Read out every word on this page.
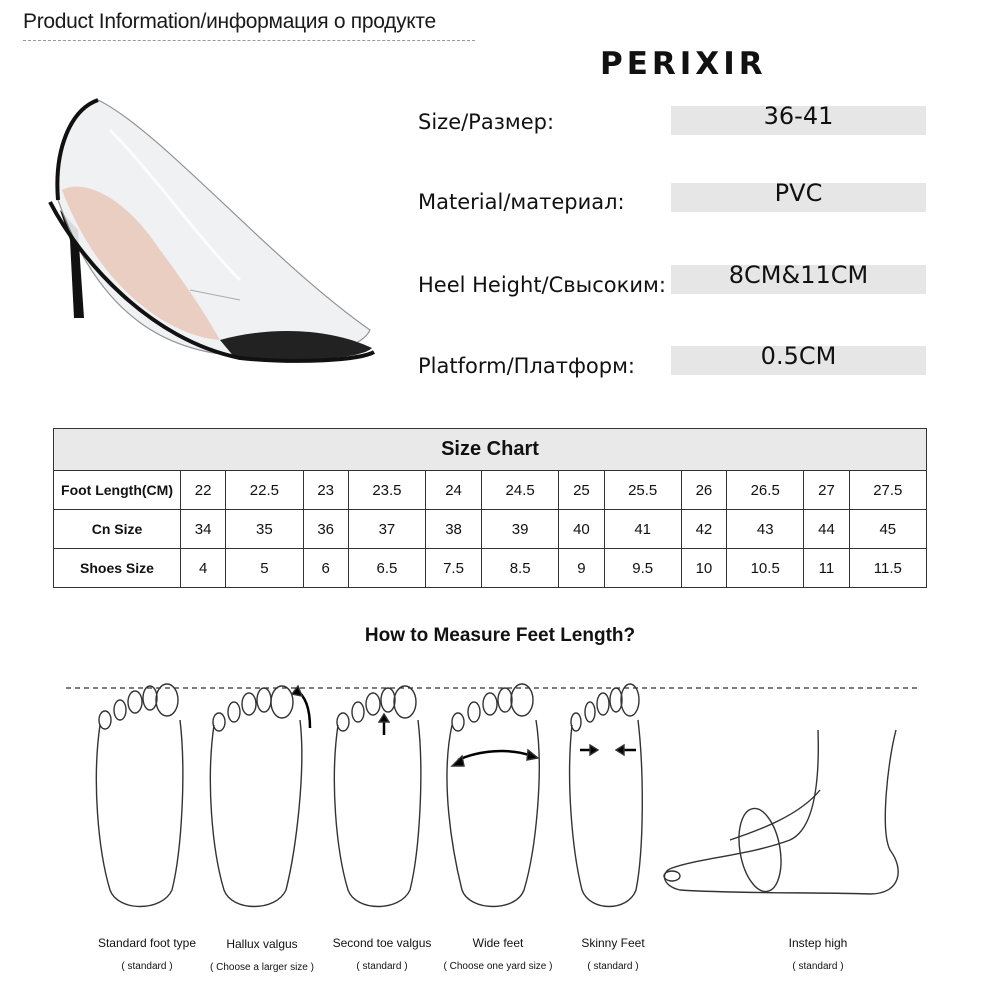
Product Information/информация о продукте
PERIXIR
Size/Размер:	36-41
Material/материал:	PVC
Heel Height/Свысоким:	8CM&11CM
Platform/Платформ:	0.5CM
Size Chart												
Foot Length(CM)	22	22.5	23	23.5	24	24.5	25	25.5	26	26.5	27	27.5
Cn Size	34	35	36	37	38	39	40	41	42	43	44	45
Shoes Size	4	5	6	6.5	7.5	8.5	9	9.5	10	10.5	11	11.5
How to Measure Feet Length?
Standard foot type
( standard )
Hallux valgus
( Choose a larger size )
Second toe valgus
( standard )
Wide feet
( Choose one yard size )
Skinny Feet
( standard )
Instep high
( standard )
